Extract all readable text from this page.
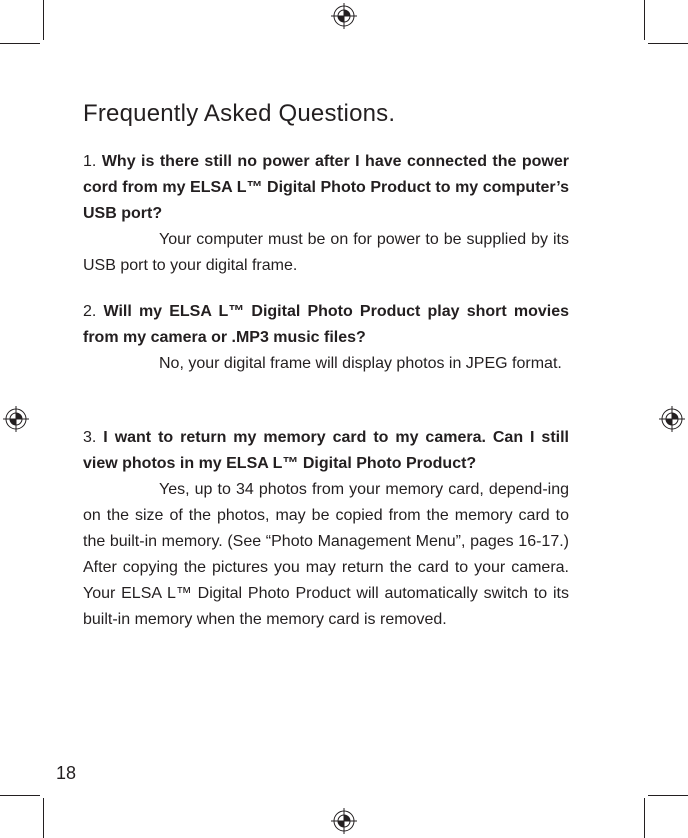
Frequently Asked Questions.

1. Why is there still no power after I have connected the power cord from my ELSA L™ Digital Photo Product to my computer’s USB port?

Your computer must be on for power to be supplied by its USB port to your digital frame.

2. Will my ELSA L™ Digital Photo Product play short movies from my camera or .MP3 music files?

No, your digital frame will display photos in JPEG format.

3. I want to return my memory card to my camera. Can I still view photos in my ELSA L™ Digital Photo Product?

Yes, up to 34 photos from your memory card, depend-ing on the size of the photos, may be copied from the memory card to the built-in memory. (See “Photo Management Menu”, pages 16-17.) After copying the pictures you may return the card to your camera. Your ELSA L™ Digital Photo Product will automatically switch to its built-in memory when the memory card is removed.

18
